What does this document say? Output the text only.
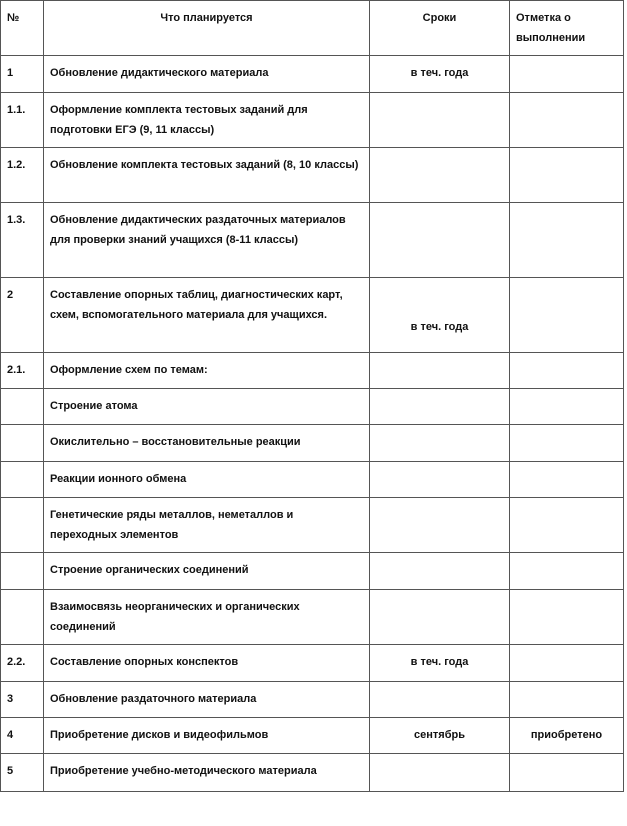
№	Что планируется	Сроки	Отметка о выполнении
1	Обновление дидактического материала	в теч. года	
1.1.	Оформление комплекта тестовых заданий для подготовки ЕГЭ (9, 11 классы)		
1.2.	Обновление комплекта тестовых заданий (8, 10 классы)		
1.3.	Обновление дидактических раздаточных материалов для проверки знаний учащихся (8-11 классы)		
2	Составление опорных таблиц, диагностических карт, схем, вспомогательного материала для учащихся.	в теч. года	
2.1.	Оформление схем по темам:		
	Строение атома		
	Окислительно – восстановительные реакции		
	Реакции ионного обмена		
	Генетические ряды металлов, неметаллов и переходных элементов		
	Строение органических соединений		
	Взаимосвязь неорганических и органических соединений		
2.2.	Составление опорных конспектов	в теч. года	
3	Обновление раздаточного материала		
4	Приобретение дисков и видеофильмов	сентябрь	приобретено
5	Приобретение учебно-методического материала		
